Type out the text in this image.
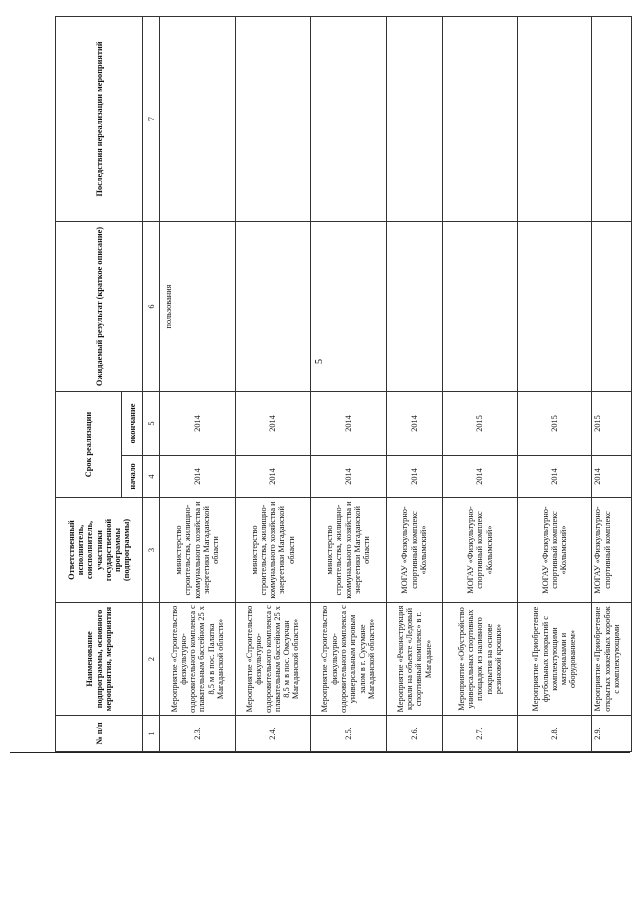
5
№ п/п	Наименование подпрограммы, основного мероприятия, мероприятия	Ответственный исполнитель, соисполнитель, участники государственной программы (подпрограммы)	Срок реализации		Ожидаемый результат (краткое описание)	Последствия нереализации мероприятий
			начало	окончание		
1	2	3	4	5	6	7
2.3.	Мероприятие «Строительство физкультурно-оздоровительного комплекса с плавательным бассейном 25 х 8,5 м в пос. Палатка Магаданской области»	министерство строительства, жилищно-коммунального хозяйства и энергетики Магаданской области	2014	2014	пользования	
2.4.	Мероприятие «Строительство физкультурно-оздоровительного комплекса с плавательным бассейном 25 х 8,5 м в пос. Омсукчан Магаданской области»	министерство строительства, жилищно-коммунального хозяйства и энергетики Магаданской области	2014	2014		
2.5.	Мероприятие «Строительство физкультурно-оздоровительного комплекса с универсальным игровым залом в г. Сусумане Магаданской области»	министерство строительства, жилищно-коммунального хозяйства и энергетики Магаданской области	2014	2014		
2.6.	Мероприятие «Реконструкция кровли на объекте «Ледовый спортивный комплекс» в г. Магадане»	МОГАУ «Физкультурно-спортивный комплекс «Колымский»	2014	2014		
2.7.	Мероприятие «Обустройство универсальных спортивных площадок из наливного покрытия на основе резиновой крошки»	МОГАУ «Физкультурно-спортивный комплекс «Колымский»	2014	2015		
2.8.	Мероприятие «Приобретение футбольных покрытий с комплектующими материалами и оборудованием»	МОГАУ «Физкультурно-спортивный комплекс «Колымский»	2014	2015		
2.9.	Мероприятие «Приобретение открытых хоккейных коробок с комплектующими	МОГАУ «Физкультурно-спортивный комплекс	2014	2015		
